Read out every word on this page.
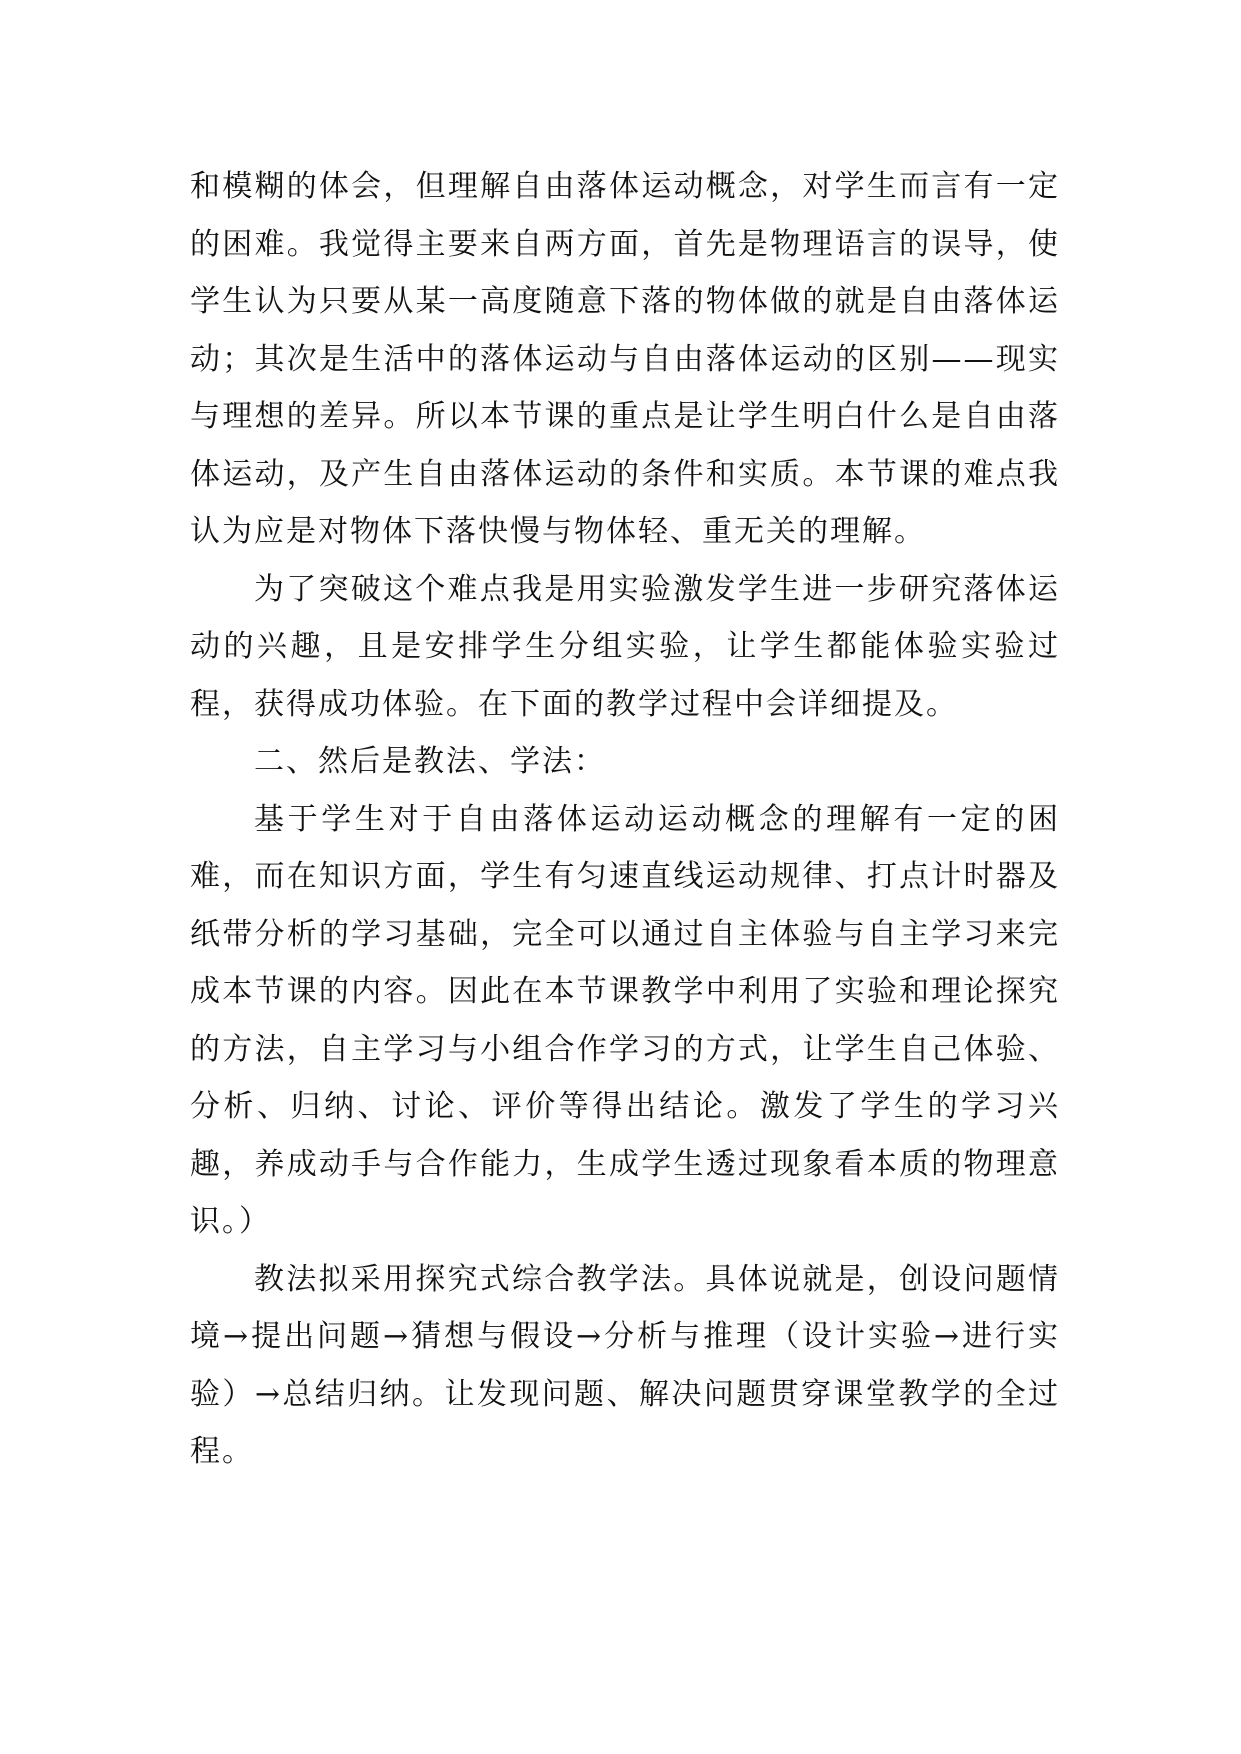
和模糊的体会，但理解自由落体运动概念，对学生而言有一定的困难。我觉得主要来自两方面，首先是物理语言的误导，使学生认为只要从某一高度随意下落的物体做的就是自由落体运动；其次是生活中的落体运动与自由落体运动的区别——现实与理想的差异。所以本节课的重点是让学生明白什么是自由落体运动，及产生自由落体运动的条件和实质。本节课的难点我认为应是对物体下落快慢与物体轻、重无关的理解。

为了突破这个难点我是用实验激发学生进一步研究落体运动的兴趣，且是安排学生分组实验，让学生都能体验实验过程，获得成功体验。在下面的教学过程中会详细提及。

二、然后是教法、学法：

基于学生对于自由落体运动运动概念的理解有一定的困难，而在知识方面，学生有匀速直线运动规律、打点计时器及纸带分析的学习基础，完全可以通过自主体验与自主学习来完成本节课的内容。因此在本节课教学中利用了实验和理论探究的方法，自主学习与小组合作学习的方式，让学生自己体验、分析、归纳、讨论、评价等得出结论。激发了学生的学习兴趣，养成动手与合作能力，生成学生透过现象看本质的物理意识。）

教法拟采用探究式综合教学法。具体说就是，创设问题情境→提出问题→猜想与假设→分析与推理（设计实验→进行实验）→总结归纳。让发现问题、解决问题贯穿课堂教学的全过程。
